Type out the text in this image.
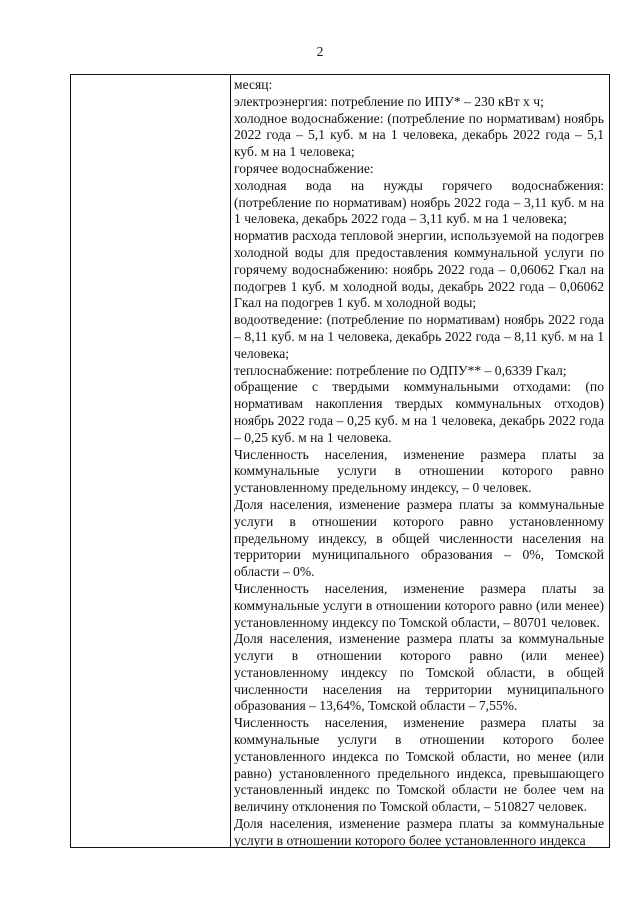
2

месяц:

электроэнергия: потребление по ИПУ* – 230 кВт х ч;

холодное водоснабжение: (потребление по нормативам) ноябрь 2022 года – 5,1 куб. м на 1 человека, декабрь 2022 года – 5,1 куб. м на 1 человека;

горячее водоснабжение:

холодная вода на нужды горячего водоснабжения: (потребление по нормативам) ноябрь 2022 года – 3,11 куб. м на 1 человека, декабрь 2022 года – 3,11 куб. м на 1 человека;

норматив расхода тепловой энергии, используемой на подогрев холодной воды для предоставления коммунальной услуги по горячему водоснабжению: ноябрь 2022 года – 0,06062 Гкал на подогрев 1 куб. м холодной воды, декабрь 2022 года – 0,06062 Гкал на подогрев 1 куб. м холодной воды;

водоотведение: (потребление по нормативам) ноябрь 2022 года – 8,11 куб. м на 1 человека, декабрь 2022 года – 8,11 куб. м на 1 человека;

теплоснабжение: потребление по ОДПУ** – 0,6339 Гкал;

обращение с твердыми коммунальными отходами: (по нормативам накопления твердых коммунальных отходов) ноябрь 2022 года – 0,25 куб. м на 1 человека, декабрь 2022 года – 0,25 куб. м на 1 человека.

Численность населения, изменение размера платы за коммунальные услуги в отношении которого равно установленному предельному индексу, – 0 человек.

Доля населения, изменение размера платы за коммунальные услуги в отношении которого равно установленному предельному индексу, в общей численности населения на территории муниципального образования – 0%, Томской области – 0%.

Численность населения, изменение размера платы за коммунальные услуги в отношении которого равно (или менее) установленному индексу по Томской области, – 80701 человек.

Доля населения, изменение размера платы за коммунальные услуги в отношении которого равно (или менее) установленному индексу по Томской области, в общей численности населения на территории муниципального образования – 13,64%, Томской области – 7,55%.

Численность населения, изменение размера платы за коммунальные услуги в отношении которого более установленного индекса по Томской области, но менее (или равно) установленного предельного индекса, превышающего установленный индекс по Томской области не более чем на величину отклонения по Томской области, – 510827 человек.

Доля населения, изменение размера платы за коммунальные услуги в отношении которого более установленного индекса
